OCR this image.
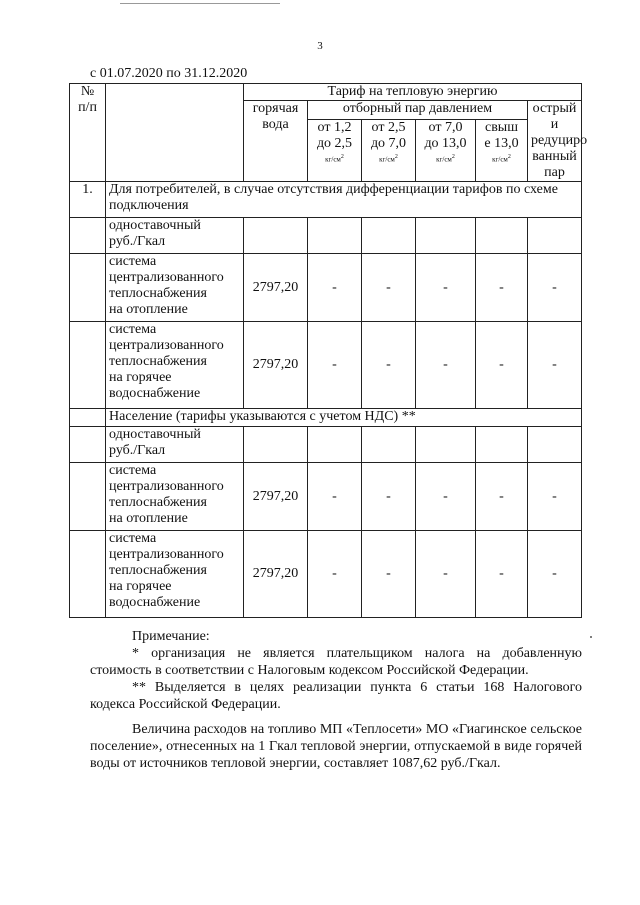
3
с 01.07.2020 по 31.12.2020
№
п/п		Тариф на тепловую энергию					
		горячая
вода	отборный пар давлением				острый и
редуциро
ванный
пар
			от 1,2
до 2,5
$кг/см^2$	от 2,5
до 7,0
$кг/см^2$	от 7,0
до 13,0
$кг/см^2$	свыш
е 13,0
$кг/см^2$

1.	Для потребителей, в случае отсутствия дифференциации тарифов по схеме подключения						
	одноставочный
руб./Гкал						
	система
централизованного
теплоснабжения
на отопление	2797,20	-	-	-	-	-
	система
централизованного
теплоснабжения
на горячее
водоснабжение	2797,20	-	-	-	-	-
	Население (тарифы указываются с учетом НДС) **						
	одноставочный
руб./Гкал						
	система
централизованного
теплоснабжения
на отопление	2797,20	-	-	-	-	-
	система
централизованного
теплоснабжения
на горячее
водоснабжение	2797,20	-	-	-	-	-

Примечание:

* организация не является плательщиком налога на добавленную стоимость в соответствии с Налоговым кодексом Российской Федерации.

** Выделяется в целях реализации пункта 6 статьи 168 Налогового кодекса Российской Федерации.

Величина расходов на топливо МП «Теплосети» МО «Гиагинское сельское поселение», отнесенных на 1 Гкал тепловой энергии, отпускаемой в виде горячей воды от источников тепловой энергии, составляет 1087,62 руб./Гкал.
